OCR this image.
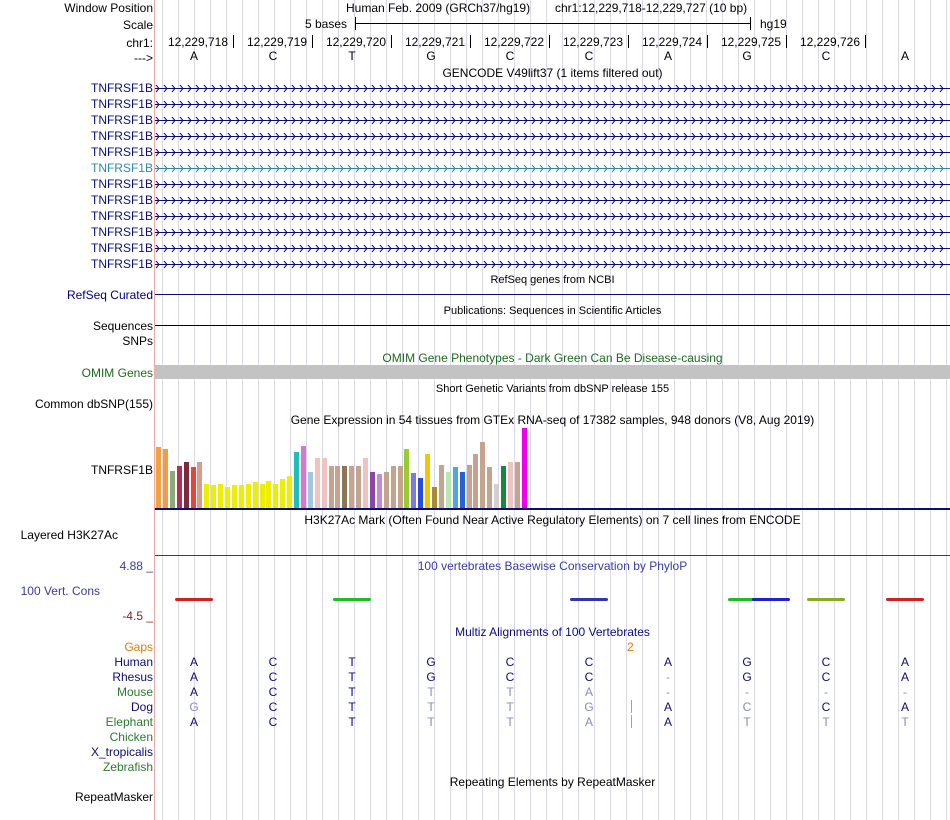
Window Position	Human Feb. 2009 (GRCh37/hg19) chr1:12,229,718-12,229,727 (10 bp)
Scale	5 bases	hg19
chr1: 12,229,718 12,229,719 12,229,720 12,229,721 12,229,722 12,229,723 12,229,724 12,229,725 12,229,726
--->	A	C	T	G	C	C	A	G	C	A
GENCODE V49lift37 (1 items filtered out)
TNFRSF1B
TNFRSF1B
TNFRSF1B
TNFRSF1B
TNFRSF1B
TNFRSF1B
TNFRSF1B
TNFRSF1B
TNFRSF1B
TNFRSF1B
TNFRSF1B
TNFRSF1B
RefSeq genes from NCBI
RefSeq Curated
Publications: Sequences in Scientific Articles
Sequences
SNPs
OMIM Gene Phenotypes - Dark Green Can Be Disease-causing
OMIM Genes
Short Genetic Variants from dbSNP release 155
Common dbSNP(155)
Gene Expression in 54 tissues from GTEx RNA-seq of 17382 samples, 948 donors (V8, Aug 2019)
TNFRSF1B
H3K27Ac Mark (Often Found Near Active Regulatory Elements) on 7 cell lines from ENCODE
Layered H3K27Ac
100 vertebrates Basewise Conservation by PhyloP
4.88 _
100 Vert. Cons
-4.5 _
Multiz Alignments of 100 Vertebrates
Gaps	2
Human	A	C	T	G	C	C	A	G	C	A
Rhesus	A	C	T	G	C	C	-	G	C	A
Mouse	A	C	T	T	T	A	-	-	-	-
Dog	G	C	T	T	T	G	A	C	C	A
Elephant	A	C	T	T	T	A	A	T	T	T
Chicken
X_tropicalis
Zebrafish
Repeating Elements by RepeatMasker
RepeatMasker
